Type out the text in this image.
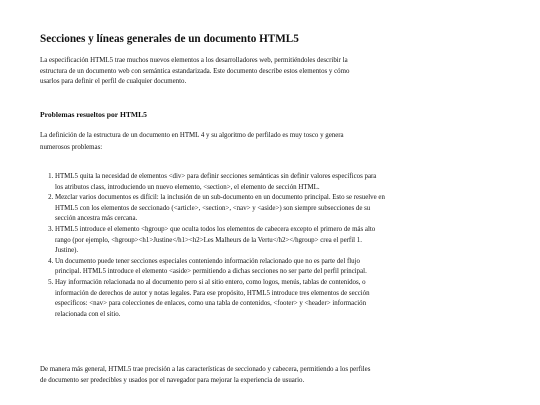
Secciones y líneas generales de un documento HTML5

La especificación HTML5 trae muchos nuevos elementos a los desarrolladores web, permitiéndoles describir la estructura de un documento web con semántica estandarizada. Este documento describe estos elementos y cómo usarlos para definir el perfil de cualquier documento.

Problemas resueltos por HTML5

La definición de la estructura de un documento en HTML 4 y su algoritmo de perfilado es muy tosco y genera numerosos problemas:

1. HTML5 quita la necesidad de elementos <div> para definir secciones semánticas sin definir valores específicos para los atributos class, introduciendo un nuevo elemento, <section>, el elemento de sección HTML.
2. Mezclar varios documentos es difícil: la inclusión de un sub-documento en un documento principal. Esto se resuelve en HTML5 con los elementos de seccionado (<article>, <section>, <nav> y <aside>) son siempre subsecciones de su sección ancestra más cercana.
3. HTML5 introduce el elemento <hgroup> que oculta todos los elementos de cabecera excepto el primero de más alto rango (por ejemplo, <hgroup><h1>Justine</h1><h2>Les Malheurs de la Vertu</h2></hgroup> crea el perfil 1. Justine).
4. Un documento puede tener secciones especiales conteniendo información relacionado que no es parte del flujo principal. HTML5 introduce el elemento <aside> permitiendo a dichas secciones no ser parte del perfil principal.
5. Hay información relacionada no al documento pero si al sitio entero, como logos, menús, tablas de contenidos, o información de derechos de autor y notas legales. Para ese propósito, HTML5 introduce tres elementos de sección específicos: <nav> para colecciones de enlaces, como una tabla de contenidos, <footer> y <header> información relacionada con el sitio.

De manera más general, HTML5 trae precisión a las características de seccionado y cabecera, permitiendo a los perfiles de documento ser predecibles y usados por el navegador para mejorar la experiencia de usuario.
